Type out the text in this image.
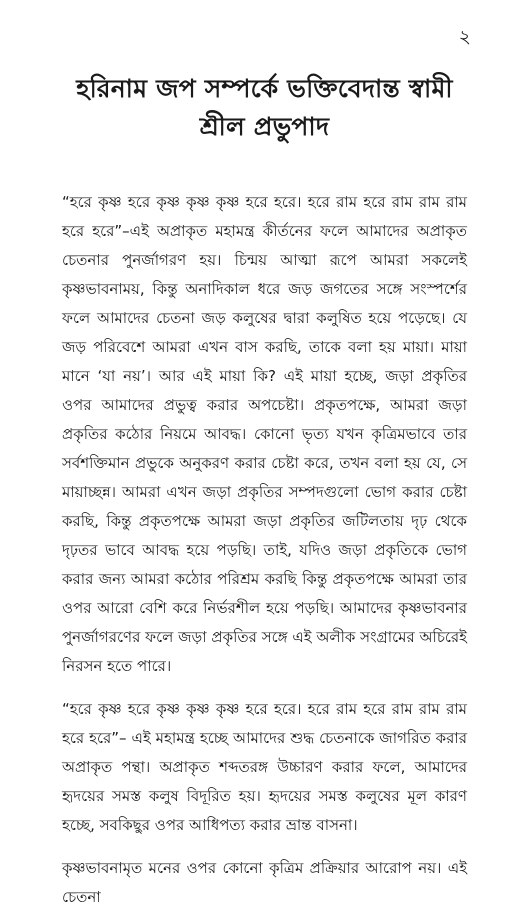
২
হরিনাম জপ সম্পর্কে ভক্তিবেদান্ত স্বামী
শ্রীল প্রভুপাদ

“হরে কৃষ্ণ হরে কৃষ্ণ কৃষ্ণ কৃষ্ণ হরে হরে। হরে রাম হরে রাম রাম রাম হরে হরে”–এই অপ্রাকৃত মহামন্ত্র কীর্তনের ফলে আমাদের অপ্রাকৃত চেতনার পুনর্জাগরণ হয়। চিন্ময় আত্মা রূপে আমরা সকলেই কৃষ্ণভাবনাময়, কিন্তু অনাদিকাল ধরে জড় জগতের সঙ্গে সংস্পর্শের ফলে আমাদের চেতনা জড় কলুষের দ্বারা কলুষিত হয়ে পড়েছে। যে জড় পরিবেশে আমরা এখন বাস করছি, তাকে বলা হয় মায়া। মায়া মানে ‘যা নয়’। আর এই মায়া কি? এই মায়া হচ্ছে, জড়া প্রকৃতির ওপর আমাদের প্রভুত্ব করার অপচেষ্টা। প্রকৃতপক্ষে, আমরা জড়া প্রকৃতির কঠোর নিয়মে আবদ্ধ। কোনো ভৃত্য যখন কৃত্রিমভাবে তার সর্বশক্তিমান প্রভুকে অনুকরণ করার চেষ্টা করে, তখন বলা হয় যে, সে মায়াচ্ছন্ন। আমরা এখন জড়া প্রকৃতির সম্পদগুলো ভোগ করার চেষ্টা করছি, কিন্তু প্রকৃতপক্ষে আমরা জড়া প্রকৃতির জটিলতায় দৃঢ় থেকে দৃঢ়তর ভাবে আবদ্ধ হয়ে পড়ছি। তাই, যদিও জড়া প্রকৃতিকে ভোগ করার জন্য আমরা কঠোর পরিশ্রম করছি কিন্তু প্রকৃতপক্ষে আমরা তার ওপর আরো বেশি করে নির্ভরশীল হয়ে পড়ছি। আমাদের কৃষ্ণভাবনার পুনর্জাগরণের ফলে জড়া প্রকৃতির সঙ্গে এই অলীক সংগ্রামের অচিরেই নিরসন হতে পারে।

“হরে কৃষ্ণ হরে কৃষ্ণ কৃষ্ণ কৃষ্ণ হরে হরে। হরে রাম হরে রাম রাম রাম হরে হরে”– এই মহামন্ত্র হচ্ছে আমাদের শুদ্ধ চেতনাকে জাগরিত করার অপ্রাকৃত পন্থা। অপ্রাকৃত শব্দতরঙ্গ উচ্চারণ করার ফলে, আমাদের হৃদয়ের সমস্ত কলুষ বিদূরিত হয়। হৃদয়ের সমস্ত কলুষের মূল কারণ হচ্ছে, সবকিছুর ওপর আধিপত্য করার ভ্রান্ত বাসনা।

কৃষ্ণভাবনামৃত মনের ওপর কোনো কৃত্রিম প্রক্রিয়ার আরোপ নয়। এই চেতনা
